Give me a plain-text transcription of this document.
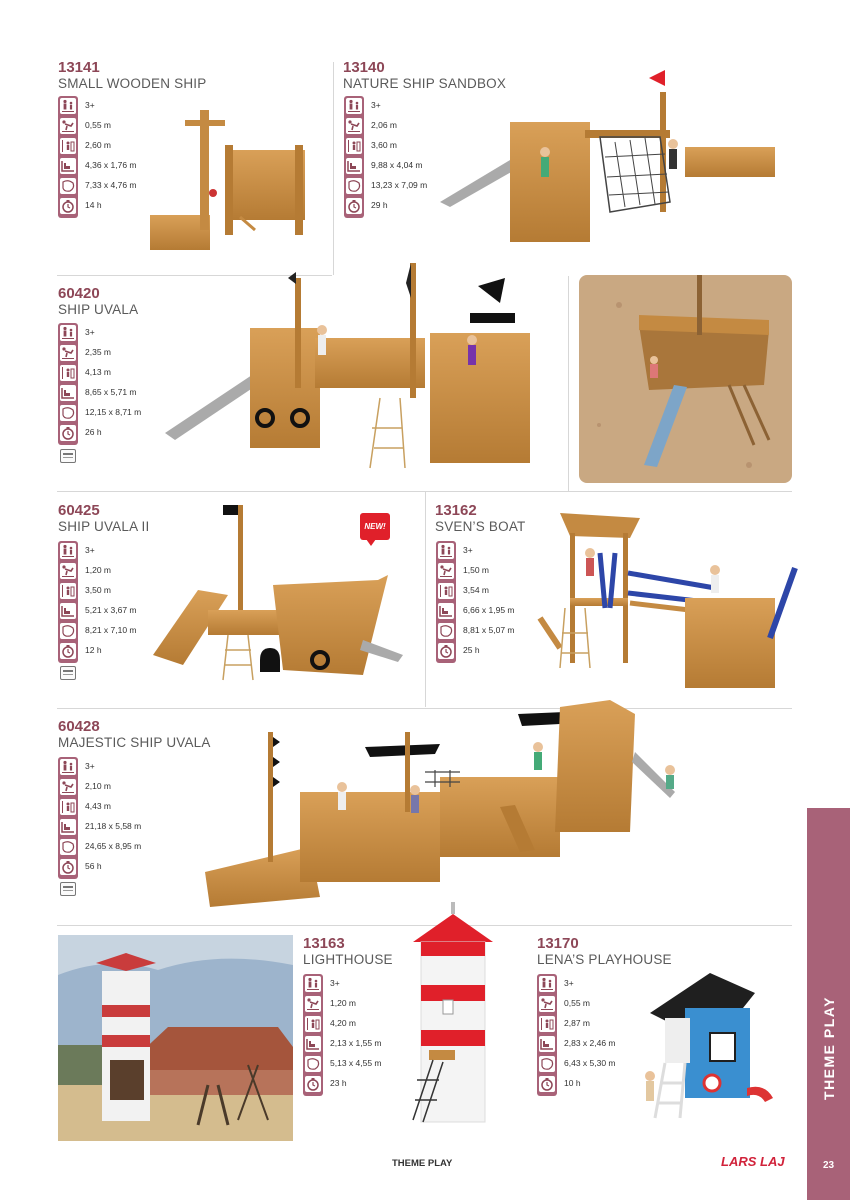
13141
SMALL WOODEN SHIP
3+
0,55 m
2,60 m
4,36 x 1,76 m
7,33 x 4,76 m
14 h
13140
NATURE SHIP SANDBOX
3+
2,06 m
3,60 m
9,88 x 4,04 m
13,23 x 7,09 m
29 h
60420
SHIP UVALA
3+
2,35 m
4,13 m
8,65 x 5,71 m
12,15 x 8,71 m
26 h
60425
SHIP UVALA II
3+
1,20 m
3,50 m
5,21 x 3,67 m
8,21 x 7,10 m
12 h
NEW!
13162
SVEN’S BOAT
3+
1,50 m
3,54 m
6,66 x 1,95 m
8,81 x 5,07 m
25 h
60428
MAJESTIC SHIP UVALA
3+
2,10 m
4,43 m
21,18 x 5,58 m
24,65 x 8,95 m
56 h
13163
LIGHTHOUSE
3+
1,20 m
4,20 m
2,13 x 1,55 m
5,13 x 4,55 m
23 h
13170
LENA’S PLAYHOUSE
3+
0,55 m
2,87 m
2,83 x 2,46 m
6,43 x 5,30 m
10 h	THEME PLAY
23
THEME PLAY	LARS LAJ
